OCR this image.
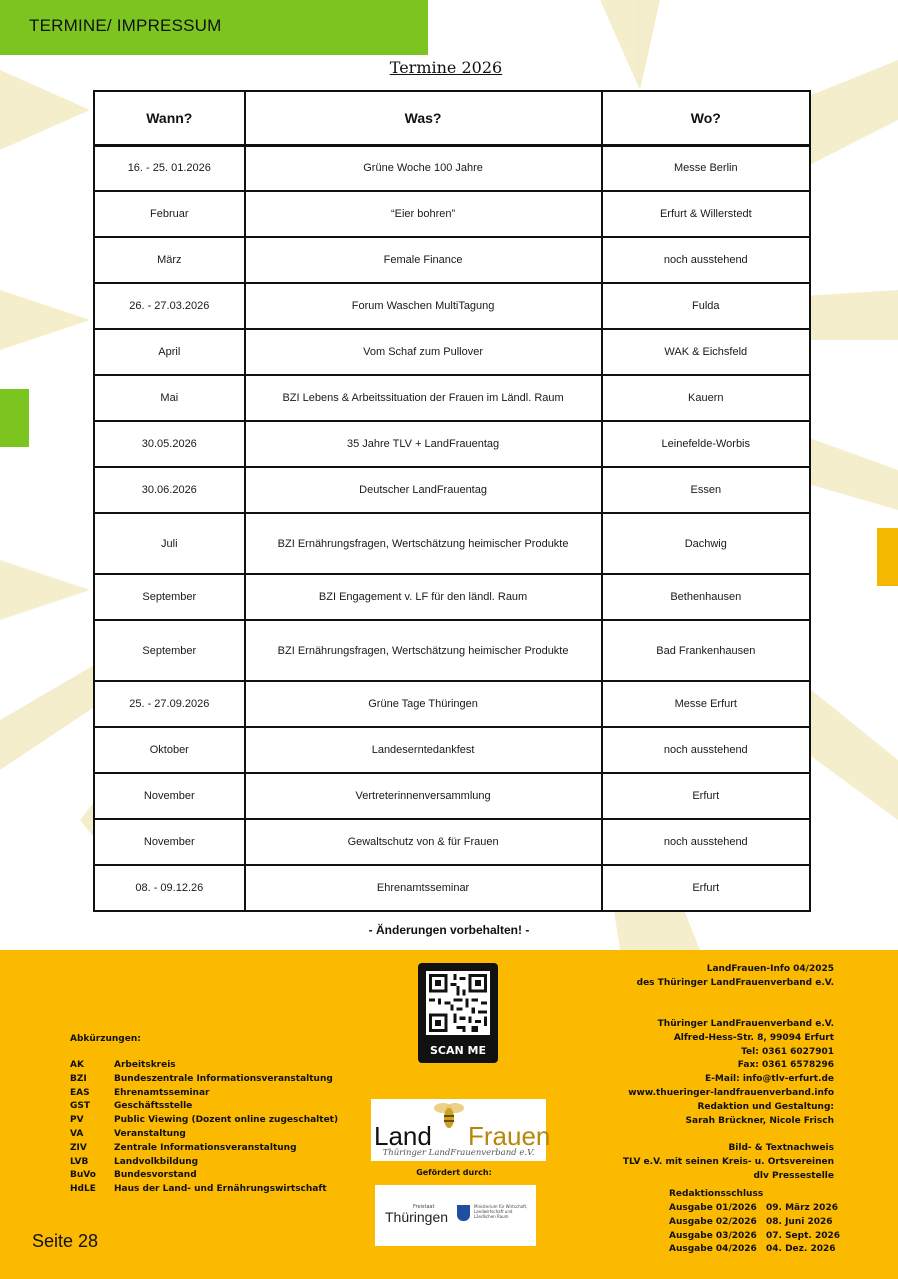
TERMINE/ IMPRESSUM
Termine 2026
Wann?	Was?	Wo?
16. - 25. 01.2026	Grüne Woche 100 Jahre	Messe Berlin
Februar	“Eier bohren”	Erfurt & Willerstedt
März	Female Finance	noch ausstehend
26. - 27.03.2026	Forum Waschen MultiTagung	Fulda
April	Vom Schaf zum Pullover	WAK & Eichsfeld
Mai	BZI Lebens & Arbeitssituation der Frauen im Ländl. Raum	Kauern
30.05.2026	35 Jahre TLV + LandFrauentag	Leinefelde-Worbis
30.06.2026	Deutscher LandFrauentag	Essen
Juli	BZI Ernährungsfragen, Wertschätzung heimischer Produkte	Dachwig
September	BZI Engagement v. LF für den ländl. Raum	Bethenhausen
September	BZI Ernährungsfragen, Wertschätzung heimischer Produkte	Bad Frankenhausen
25. - 27.09.2026	Grüne Tage Thüringen	Messe Erfurt
Oktober	Landeserntedankfest	noch ausstehend
November	Vertreterinnenversammlung	Erfurt
November	Gewaltschutz von & für Frauen	noch ausstehend
08. - 09.12.26	Ehrenamtsseminar	Erfurt
- Änderungen vorbehalten! -
Abkürzungen:
AK	Arbeitskreis
BZI	Bundeszentrale Informationsveranstaltung
EAS	Ehrenamtsseminar
GST	Geschäftsstelle
PV	Public Viewing (Dozent online zugeschaltet)
VA	Veranstaltung
ZIV	Zentrale Informationsveranstaltung
LVB	Landvolkbildung
BuVo	Bundesvorstand
HdLE	Haus der Land- und Ernährungswirtschaft
SCAN ME
Land Frauen
Thüringer LandFrauenverband e.V.
Gefördert durch:
Freistaat
Thüringen
Ministerium für Wirtschaft, Landwirtschaft und Ländlichen Raum
LandFrauen-Info 04/2025
des Thüringer LandFrauenverband e.V.
Thüringer LandFrauenverband e.V.
Alfred-Hess-Str. 8, 99094 Erfurt
Tel: 0361 6027901
Fax: 0361 6578296
E-Mail: info@tlv-erfurt.de
www.thueringer-landfrauenverband.info
Redaktion und Gestaltung:
Sarah Brückner, Nicole Frisch
Bild- & Textnachweis
TLV e.V. mit seinen Kreis- u. Ortsvereinen
dlv Pressestelle
Redaktionsschluss
Ausgabe 01/2026	09. März 2026
Ausgabe 02/2026	08. Juni 2026
Ausgabe 03/2026	07. Sept. 2026
Ausgabe 04/2026	04. Dez. 2026
Seite 28
